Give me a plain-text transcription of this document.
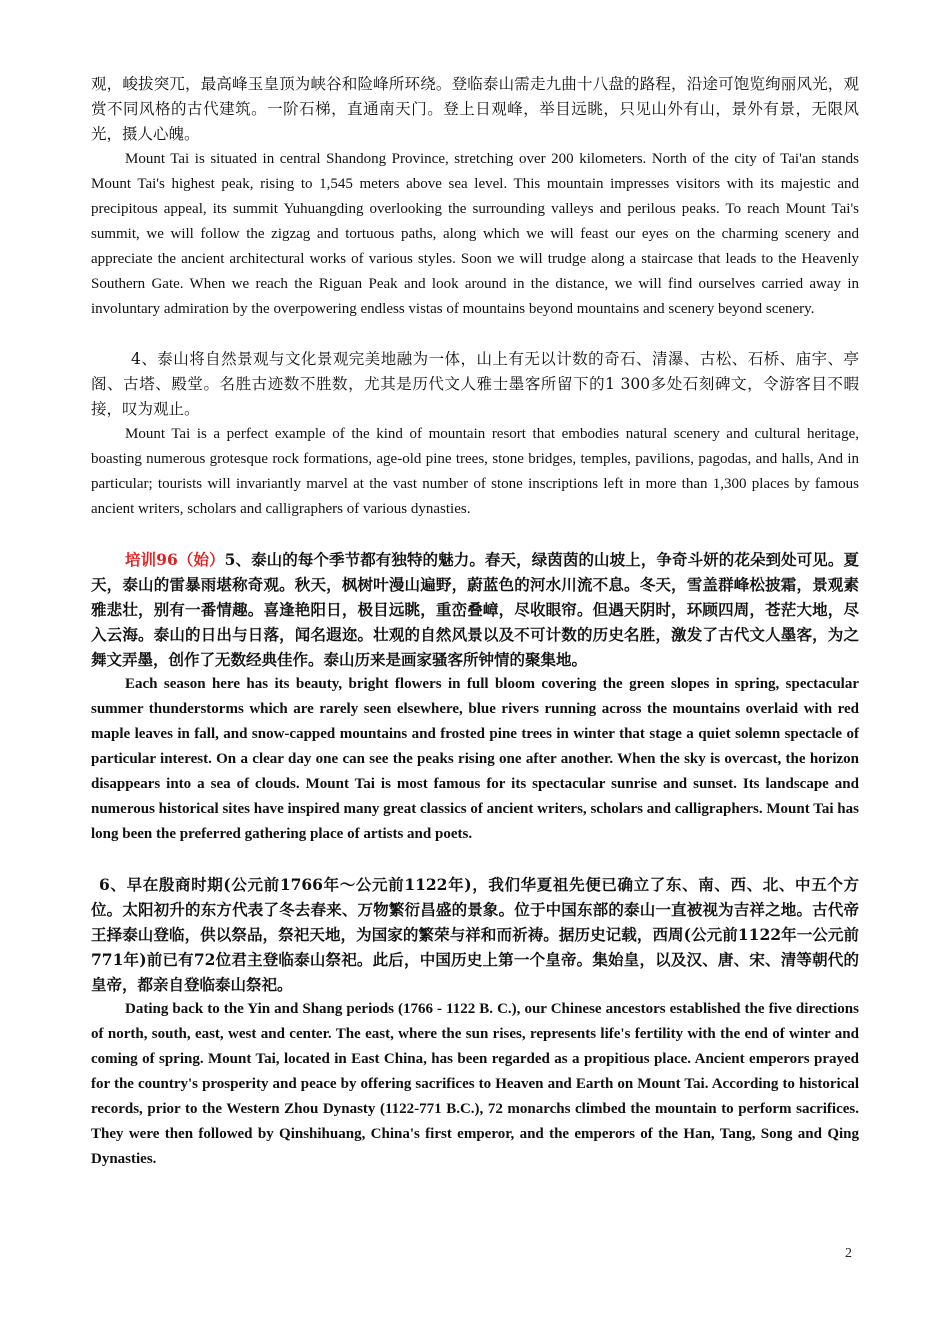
观，峻拔突兀，最高峰玉皇顶为峡谷和险峰所环绕。登临泰山需走九曲十八盘的路程，沿途可饱览绚丽风光，观赏不同风格的古代建筑。一阶石梯，直通南天门。登上日观峰，举目远眺，只见山外有山，景外有景，无限风光，摄人心魄。

Mount Tai is situated in central Shandong Province, stretching over 200 kilometers. North of the city of Tai'an stands Mount Tai's highest peak, rising to 1,545 meters above sea level. This mountain impresses visitors with its majestic and precipitous appeal, its summit Yuhuangding overlooking the surrounding valleys and perilous peaks. To reach Mount Tai's summit, we will follow the zigzag and tortuous paths, along which we will feast our eyes on the charming scenery and appreciate the ancient architectural works of various styles. Soon we will trudge along a staircase that leads to the Heavenly Southern Gate. When we reach the Riguan Peak and look around in the distance, we will find ourselves carried away in involuntary admiration by the overpowering endless vistas of mountains beyond mountains and scenery beyond scenery.

4、泰山将自然景观与文化景观完美地融为一体，山上有无以计数的奇石、清瀑、古松、石桥、庙宇、亭阁、古塔、殿堂。名胜古迹数不胜数，尤其是历代文人雅士墨客所留下的1 300多处石刻碑文，令游客目不暇接，叹为观止。

Mount Tai is a perfect example of the kind of mountain resort that embodies natural scenery and cultural heritage, boasting numerous grotesque rock formations, age-old pine trees, stone bridges, temples, pavilions, pagodas, and halls, And in particular; tourists will invariantly marvel at the vast number of stone inscriptions left in more than 1,300 places by famous ancient writers, scholars and calligraphers of various dynasties.

培训96（始）5、泰山的每个季节都有独特的魅力。春天，绿茵茵的山坡上，争奇斗妍的花朵到处可见。夏天，泰山的雷暴雨堪称奇观。秋天，枫树叶漫山遍野，蔚蓝色的河水川流不息。冬天，雪盖群峰松披霜，景观素雅悲壮，别有一番情趣。喜逢艳阳日，极目远眺，重峦叠嶂，尽收眼帘。但遇天阴时，环顾四周，苍茫大地，尽入云海。泰山的日出与日落，闻名遐迩。壮观的自然风景以及不可计数的历史名胜，激发了古代文人墨客，为之舞文弄墨，创作了无数经典佳作。泰山历来是画家骚客所钟情的聚集地。

Each season here has its beauty, bright flowers in full bloom covering the green slopes in spring, spectacular summer thunderstorms which are rarely seen elsewhere, blue rivers running across the mountains overlaid with red maple leaves in fall, and snow-capped mountains and frosted pine trees in winter that stage a quiet solemn spectacle of particular interest. On a clear day one can see the peaks rising one after another. When the sky is overcast, the horizon disappears into a sea of clouds. Mount Tai is most famous for its spectacular sunrise and sunset. Its landscape and numerous historical sites have inspired many great classics of ancient writers, scholars and calligraphers. Mount Tai has long been the preferred gathering place of artists and poets.

6、早在殷商时期(公元前1766年～公元前1122年)，我们华夏祖先便已确立了东、南、西、北、中五个方位。太阳初升的东方代表了冬去春来、万物繁衍昌盛的景象。位于中国东部的泰山一直被视为吉祥之地。古代帝王择泰山登临，供以祭品，祭祀天地，为国家的繁荣与祥和而祈祷。据历史记载，西周(公元前1122年一公元前771年)前已有72位君主登临泰山祭祀。此后，中国历史上第一个皇帝。集始皇，以及汉、唐、宋、清等朝代的皇帝，都亲自登临泰山祭祀。

Dating back to the Yin and Shang periods (1766 - 1122 B. C.), our Chinese ancestors established the five directions of north, south, east, west and center. The east, where the sun rises, represents life's fertility with the end of winter and coming of spring. Mount Tai, located in East China, has been regarded as a propitious place. Ancient emperors prayed for the country's prosperity and peace by offering sacrifices to Heaven and Earth on Mount Tai. According to historical records, prior to the Western Zhou Dynasty (1122-771 B.C.), 72 monarchs climbed the mountain to perform sacrifices. They were then followed by Qinshihuang, China's first emperor, and the emperors of the Han, Tang, Song and Qing Dynasties.

2
